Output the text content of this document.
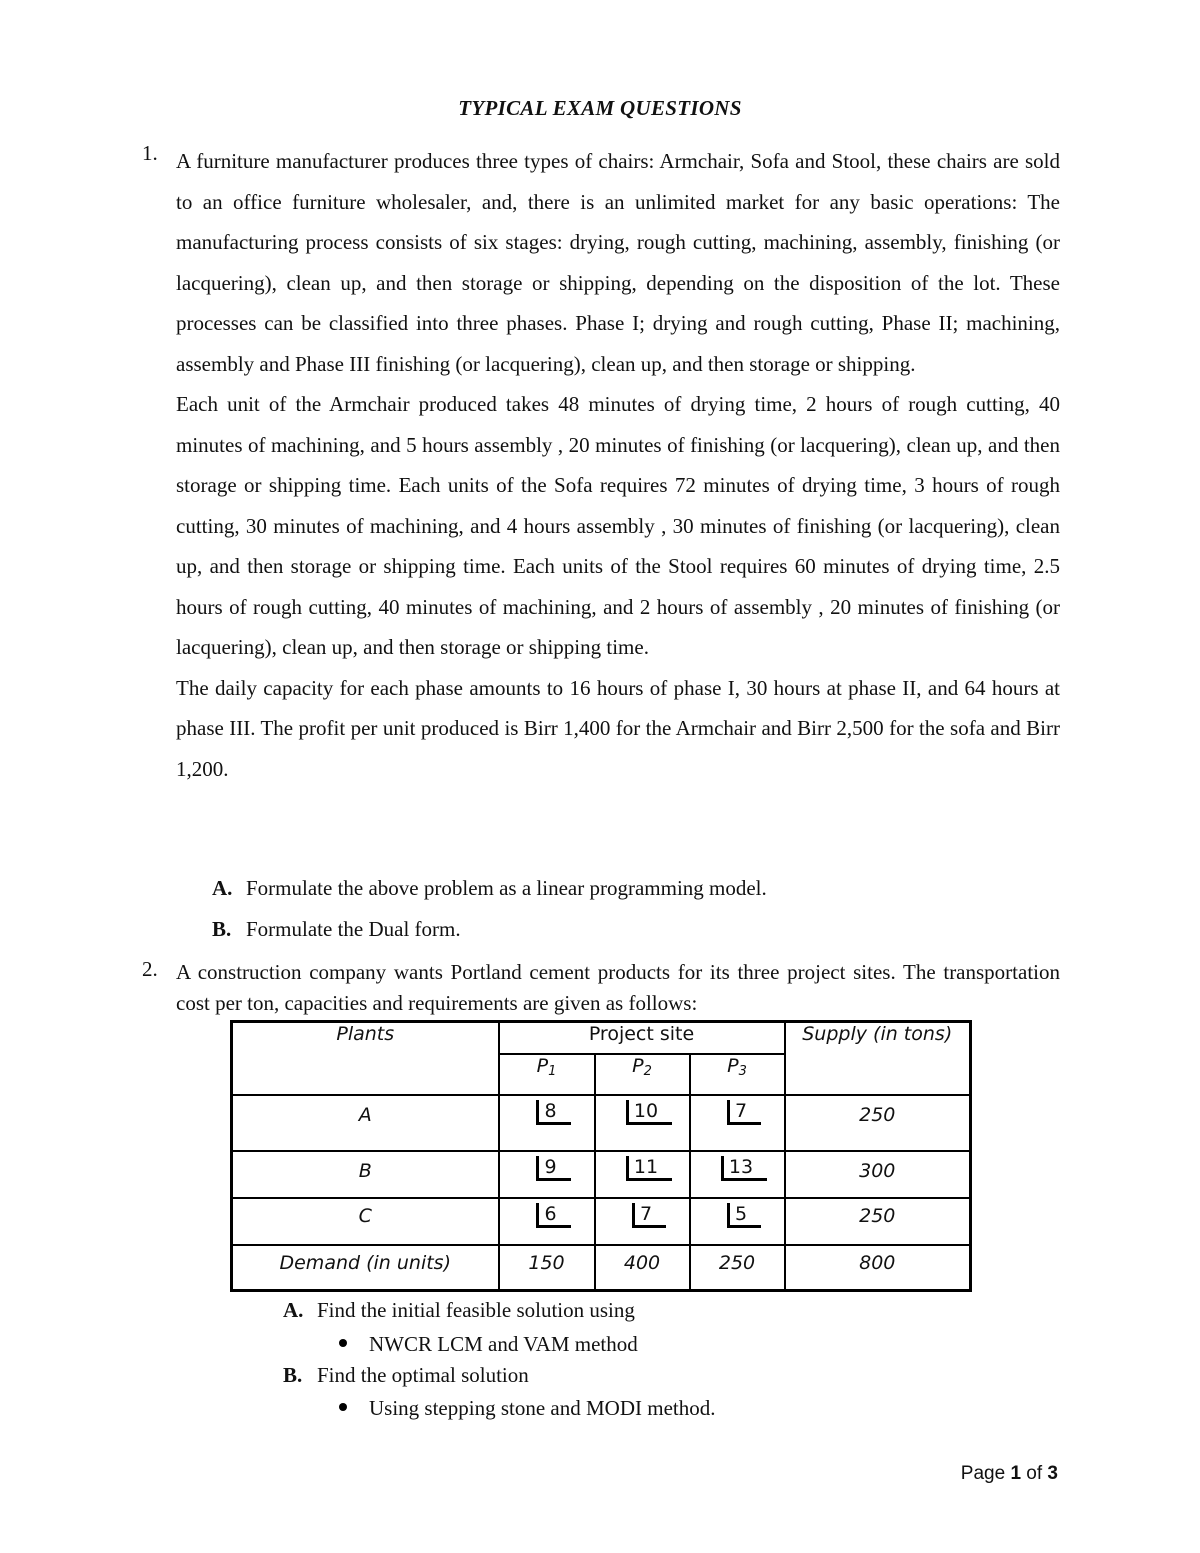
TYPICAL EXAM QUESTIONS
1. A furniture manufacturer produces three types of chairs: Armchair, Sofa and Stool, these chairs are sold to an office furniture wholesaler, and, there is an unlimited market for any basic operations: The manufacturing process consists of six stages: drying, rough cutting, machining, assembly, finishing (or lacquering), clean up, and then storage or shipping, depending on the disposition of the lot. These processes can be classified into three phases. Phase I; drying and rough cutting, Phase II; machining, assembly and Phase III finishing (or lacquering), clean up, and then storage or shipping.

Each unit of the Armchair produced takes 48 minutes of drying time, 2 hours of rough cutting, 40 minutes of machining, and 5 hours assembly , 20 minutes of finishing (or lacquering), clean up, and then storage or shipping time. Each units of the Sofa requires 72 minutes of drying time, 3 hours of rough cutting, 30 minutes of machining, and 4 hours assembly , 30 minutes of finishing (or lacquering), clean up, and then storage or shipping time. Each units of the Stool requires 60 minutes of drying time, 2.5 hours of rough cutting, 40 minutes of machining, and 2 hours of assembly , 20 minutes of finishing (or lacquering), clean up, and then storage or shipping time.

The daily capacity for each phase amounts to 16 hours of phase I, 30 hours at phase II, and 64 hours at phase III. The profit per unit produced is Birr 1,400 for the Armchair and Birr 2,500 for the sofa and Birr 1,200.

A. Formulate the above problem as a linear programming model.
B. Formulate the Dual form.
2. A construction company wants Portland cement products for its three project sites. The transportation cost per ton, capacities and requirements are given as follows:
Plants	Project site			Supply (in tons)
	P1	P2	P3	
A	8	10	7	250
B	9	11	13	300
C	6	7	5	250
Demand (in units)	150	400	250	800
A. Find the initial feasible solution using
NWCR LCM and VAM method
B. Find the optimal solution
Using stepping stone and MODI method.
Page 1 of 3
